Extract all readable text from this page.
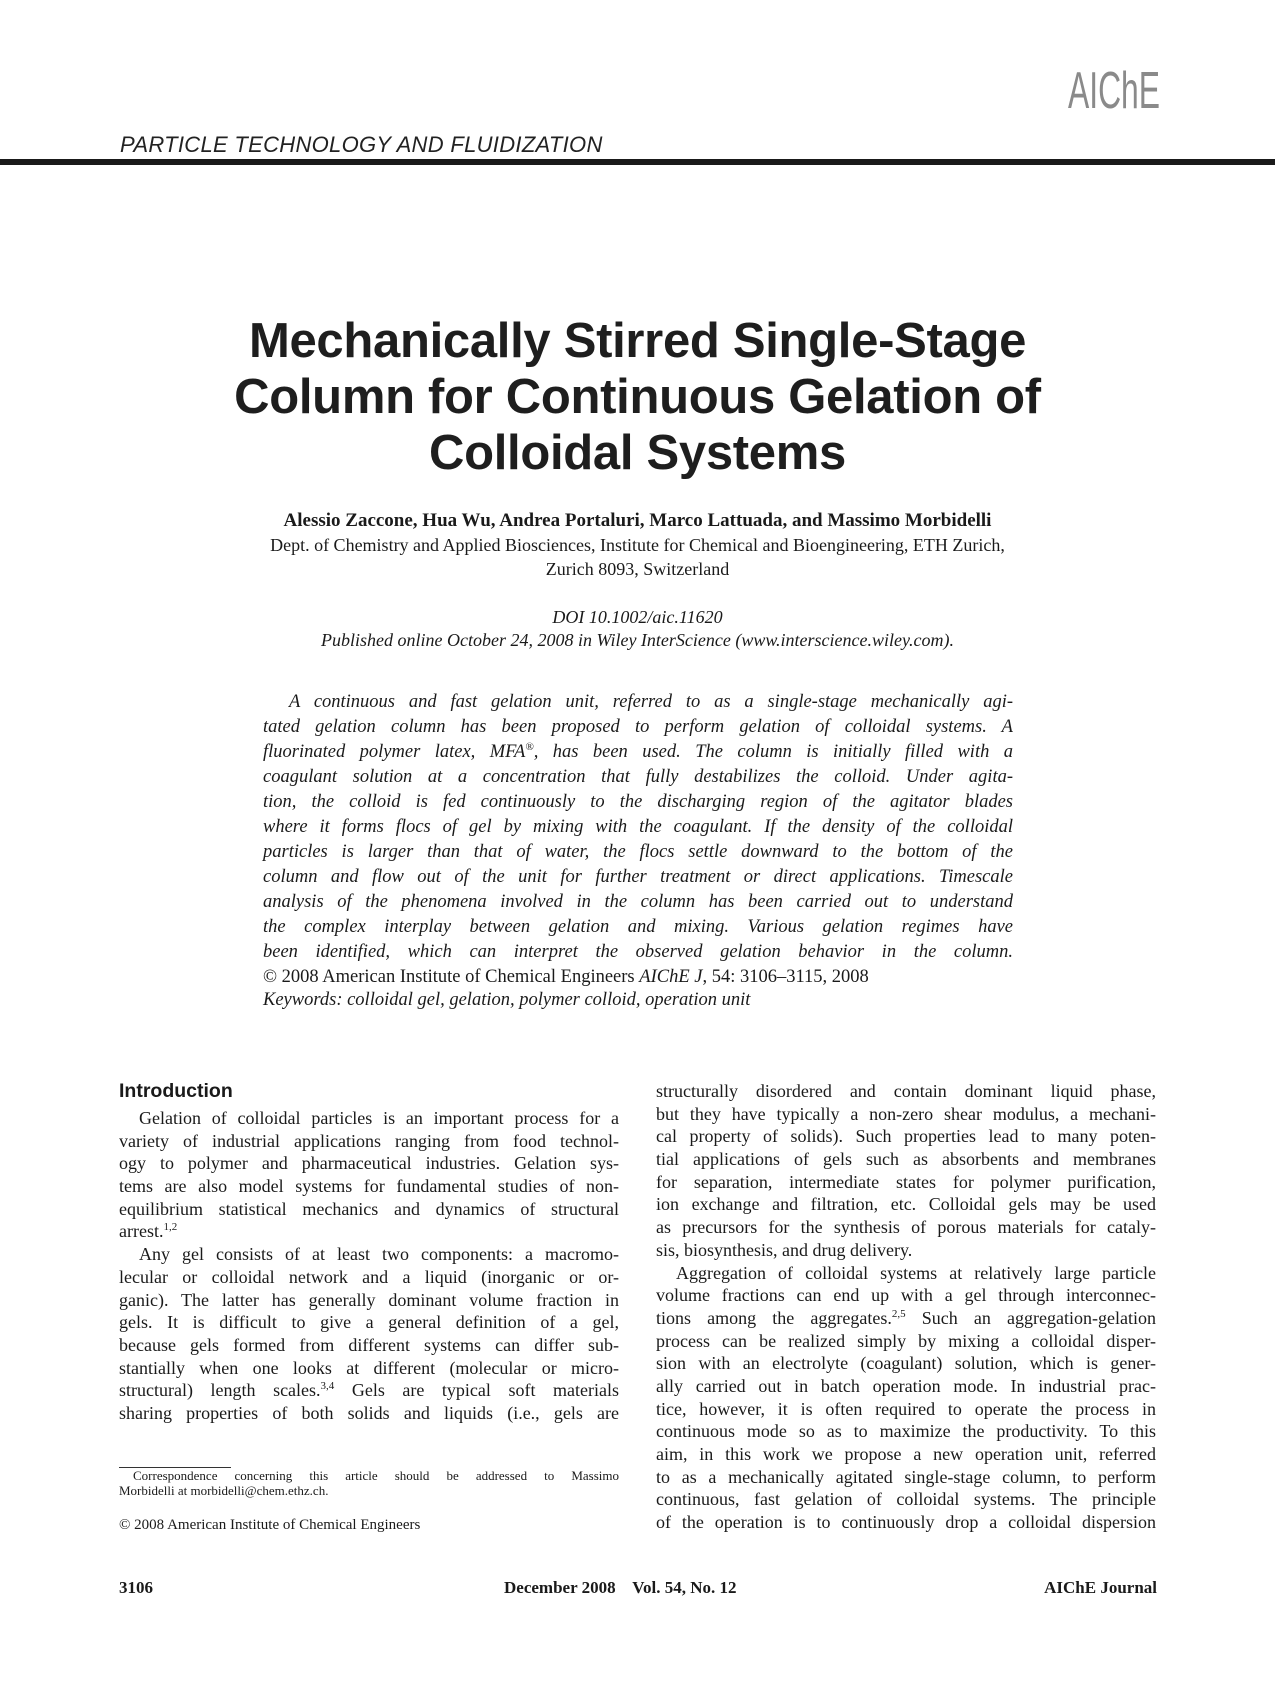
AIChE
PARTICLE TECHNOLOGY AND FLUIDIZATION
Mechanically Stirred Single-Stage
Column for Continuous Gelation of
Colloidal Systems
Alessio Zaccone, Hua Wu, Andrea Portaluri, Marco Lattuada, and Massimo Morbidelli
Dept. of Chemistry and Applied Biosciences, Institute for Chemical and Bioengineering, ETH Zurich,
Zurich 8093, Switzerland
DOI 10.1002/aic.11620
Published online October 24, 2008 in Wiley InterScience (www.interscience.wiley.com).
A continuous and fast gelation unit, referred to as a single-stage mechanically agi-
tated gelation column has been proposed to perform gelation of colloidal systems. A
fluorinated polymer latex, MFA®, has been used. The column is initially filled with a
coagulant solution at a concentration that fully destabilizes the colloid. Under agita-
tion, the colloid is fed continuously to the discharging region of the agitator blades
where it forms flocs of gel by mixing with the coagulant. If the density of the colloidal
particles is larger than that of water, the flocs settle downward to the bottom of the
column and flow out of the unit for further treatment or direct applications. Timescale
analysis of the phenomena involved in the column has been carried out to understand
the complex interplay between gelation and mixing. Various gelation regimes have
been identified, which can interpret the observed gelation behavior in the column.
© 2008 American Institute of Chemical Engineers AIChE J, 54: 3106–3115, 2008
Keywords: colloidal gel, gelation, polymer colloid, operation unit
Introduction
Gelation of colloidal particles is an important process for a
variety of industrial applications ranging from food technol-
ogy to polymer and pharmaceutical industries. Gelation sys-
tems are also model systems for fundamental studies of non-
equilibrium statistical mechanics and dynamics of structural
arrest.$^{1,2}$
Any gel consists of at least two components: a macromo-
lecular or colloidal network and a liquid (inorganic or or-
ganic). The latter has generally dominant volume fraction in
gels. It is difficult to give a general definition of a gel,
because gels formed from different systems can differ sub-
stantially when one looks at different (molecular or micro-
structural) length scales.$^{3,4}$ Gels are typical soft materials
sharing properties of both solids and liquids (i.e., gels are
Correspondence concerning this article should be addressed to Massimo
Morbidelli at morbidelli@chem.ethz.ch.
© 2008 American Institute of Chemical Engineers
structurally disordered and contain dominant liquid phase,
but they have typically a non-zero shear modulus, a mechani-
cal property of solids). Such properties lead to many poten-
tial applications of gels such as absorbents and membranes
for separation, intermediate states for polymer purification,
ion exchange and filtration, etc. Colloidal gels may be used
as precursors for the synthesis of porous materials for cataly-
sis, biosynthesis, and drug delivery.
Aggregation of colloidal systems at relatively large particle
volume fractions can end up with a gel through interconnec-
tions among the aggregates.$^{2,5}$ Such an aggregation-gelation
process can be realized simply by mixing a colloidal disper-
sion with an electrolyte (coagulant) solution, which is gener-
ally carried out in batch operation mode. In industrial prac-
tice, however, it is often required to operate the process in
continuous mode so as to maximize the productivity. To this
aim, in this work we propose a new operation unit, referred
to as a mechanically agitated single-stage column, to perform
continuous, fast gelation of colloidal systems. The principle
of the operation is to continuously drop a colloidal dispersion
3106	December 2008    Vol. 54, No. 12	AIChE Journal
